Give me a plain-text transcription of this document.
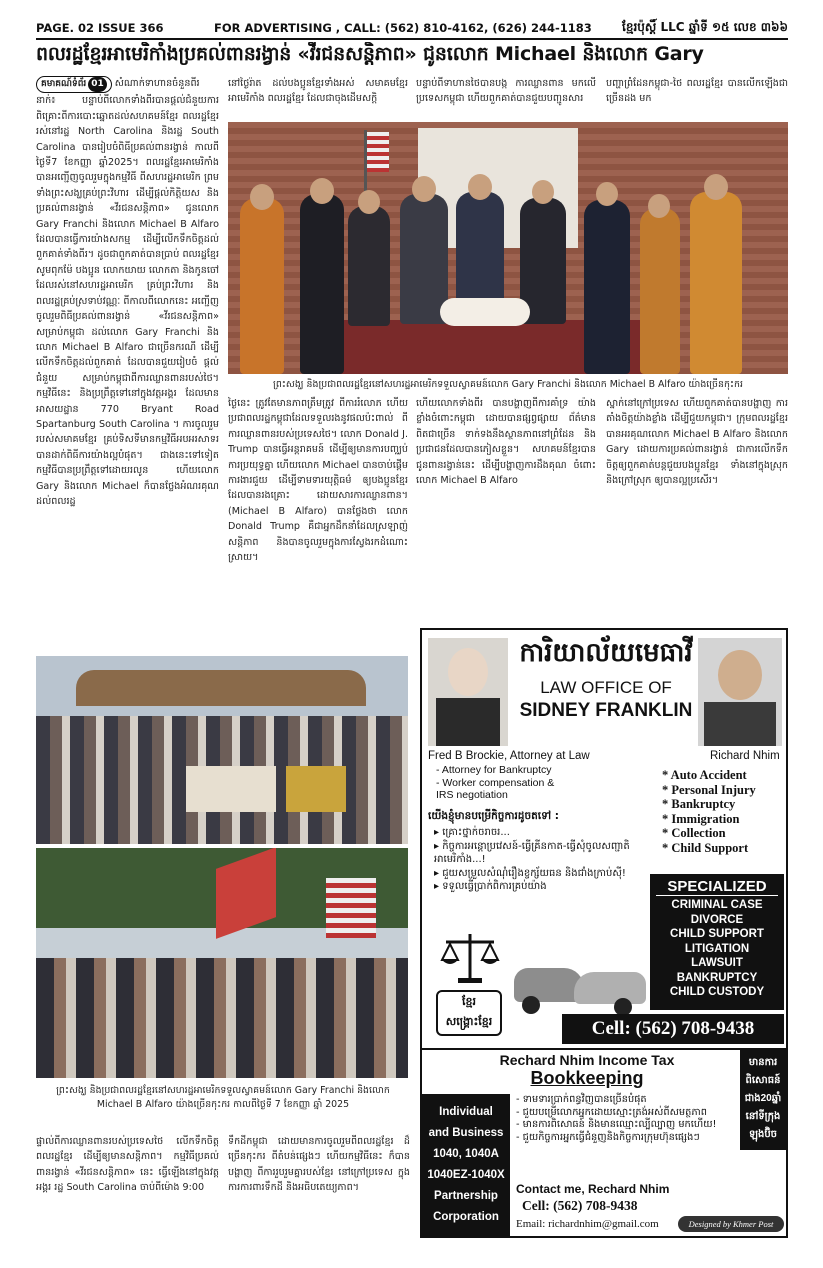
PAGE. 02 ISSUE 366	FOR ADVERTISING , CALL: (562) 810-4162, (626) 244-1183	ខ្មែរប៉ុស្ដិ៍ LLC ឆ្នាំទី ១៥ លេខ ៣៦៦
ពលរដ្ឋខ្មែរអាមេរិកាំងប្រគល់ពានរង្វាន់ «វីរជនសន្តិភាព» ជូនលោក Michael និងលោក Gary
គមាគណ៍ទំព័រ 01 សំណាក់ទាហានចំនួនពីរនាក់៖ បន្ទាប់ពីលោកទាំងពីរបានផ្ដល់ជំនួយការពិគ្រោះពីការបោះឆ្នោតដល់សហគមន៍ខ្មែរ ពលរដ្ឋខ្មែររស់នៅរដ្ឋ North Carolina និងរដ្ឋ South Carolina បានរៀបចំពិធីប្រគល់ពានរង្វាន់ កាលពីថ្ងៃទី7 ខែកញ្ញា ឆ្នាំ2025។ ពលរដ្ឋខ្មែរអាមេរិកាំង បានអញ្ជើញចូលរួមក្នុងកម្មវិធី ពីសហរដ្ឋអាមេរិក ព្រមទាំងព្រះសង្ឃគ្រប់ព្រះវិហារ ដើម្បីផ្ដល់កិត្តិយស និងប្រគល់ពានរង្វាន់ «វីរជនសន្តិភាព» ជូនលោក Gary Franchi និងលោក Michael B Alfaro ដែលបានធ្វើការយ៉ាងសកម្ម ដើម្បីលើកទឹកចិត្តដល់ពួកគាត់ទាំងពីរ។ ដូចជាពួកគាត់បានប្រាប់ ពលរដ្ឋខ្មែរ សូមពុកម៉ែ បងប្អូន លោកយាយ លោកតា និងកូនចៅ ដែលរស់នៅសហរដ្ឋអាមេរិក គ្រប់ព្រះវិហារ និងពលរដ្ឋគ្រប់ស្រទាប់វណ្ណៈ ពីកាលពីលោកនេះ អញ្ជើញចូលរួមពិធីប្រគល់ពានរង្វាន់ «វីរជនសន្តិភាព» សម្រាប់កម្ពុជា ដល់លោក Gary Franchi និងលោក Michael B Alfaro ជាច្រើនករណី ដើម្បីលើកទឹកចិត្តដល់ពួកគាត់ ដែលបានជួយរៀបចំ ផ្ដល់ជំនួយ សម្រាប់កម្ពុជាពីការឈ្លានពានរបស់ថៃ។ កម្មវិធីនេះ និងប្រព្រឹត្តទៅនៅក្នុងវត្តអង្គរ ដែលមានអាសយដ្ឋាន 770 Bryant Road Spartanburg South Carolina ។ ការចូលរួមរបស់សមាគមខ្មែរ គ្រប់ទិសទីមានកម្មវិធីអបអរសាទរ បានដាក់ពិធីការយ៉ាងល្អបំផុត។ ជាងនេះទៅទៀតកម្មវិធីបានប្រព្រឹត្តទៅដោយរលូន ហើយលោក Gary និងលោក Michael ក៏បានថ្លែងអំណរគុណដល់ពលរដ្ឋ
នៅថ្ងៃរ៉ាត ដល់បងប្អូនខ្មែរទាំងអស់ សមាគមខ្មែរអាមេរិកាំង ពលរដ្ឋខ្មែរ ដែលជាចុងដើមសក្ដិ
បន្ទាប់ពីទាហានថៃបានបង្ក ការឈ្លានពាន មកលើប្រទេសកម្ពុជា ហើយពួកគាត់បានជួយបញ្ជូនសារ
បញ្ហាព្រំដែនកម្ពុជា-ថៃ ពលរដ្ឋខ្មែរ បានលើកឡើងជាច្រើនដង មក
ព្រះសង្ឃ និងប្រជាពលរដ្ឋខ្មែរនៅសហរដ្ឋអាមេរិកទទួលស្វាគមន៍លោក Gary Franchi និងលោក Michael B Alfaro យ៉ាងច្រើនកុះករ
ថ្ងៃនេះ ត្រូវតែមានភាពត្រឹមត្រូវ ពីការរំលោភ ហើយប្រជាពលរដ្ឋកម្ពុជាដែលទទួលរងនូវផលប៉ះពាល់ ពីការឈ្លានពានរបស់ប្រទេសថៃ។ លោក Donald J. Trump បានធ្វើអន្តរាគមន៍ ដើម្បីឲ្យមានការបញ្ឈប់ការប្រយុទ្ធគ្នា ហើយលោក Michael បានចាប់ផ្ដើមការងារជួយ ដើម្បីទាមទារយុត្តិធម៌ ឲ្យបងប្អូនខ្មែរ ដែលបានរងគ្រោះ ដោយសារការឈ្លានពាន។ (Michael B Alfaro) បានថ្លែងថា លោក Donald Trump គឺជាអ្នកដឹកនាំដែលស្រឡាញ់សន្តិភាព និងបានចូលរួមក្នុងការស្វែងរកដំណោះស្រាយ។
ហើយលោកទាំងពីរ បានបង្ហាញពីការគាំទ្រ យ៉ាងខ្លាំងចំពោះកម្ពុជា ដោយបានផ្សព្វផ្សាយ ព័ត៌មានពិតជាច្រើន ទាក់ទងនឹងស្ថានភាពនៅព្រំដែន និងប្រជាជនដែលបានភៀសខ្លួន។ សហគមន៍ខ្មែរបានជូនពានរង្វាន់នេះ ដើម្បីបង្ហាញការដឹងគុណ ចំពោះលោក Michael B Alfaro
ស្នាក់នៅក្រៅប្រទេស ហើយពួកគាត់បានបង្ហាញ ការតាំងចិត្តយ៉ាងខ្លាំង ដើម្បីជួយកម្ពុជា។ ក្រុមពលរដ្ឋខ្មែរបានអរគុណលោក Michael B Alfaro និងលោក Gary ដោយការប្រគល់ពានរង្វាន់ ជាការលើកទឹកចិត្តឲ្យពួកគាត់បន្តជួយបងប្អូនខ្មែរ ទាំងនៅក្នុងស្រុក និងក្រៅស្រុក ឲ្យបានល្អប្រសើរ។
ព្រះសង្ឃ និងប្រជាពលរដ្ឋខ្មែរនៅសហរដ្ឋអាមេរិកទទួលស្វាគមន៍លោក Gary Franchi និងលោក Michael B Alfaro យ៉ាងច្រើនកុះករ កាលពីថ្ងៃទី 7 ខែកញ្ញា ឆ្នាំ 2025
ផ្ទាល់ពីការឈ្លានពានរបស់ប្រទេសថៃ លើកទឹកចិត្តពលរដ្ឋខ្មែរ ដើម្បីឲ្យមានសន្តិភាព។ កម្មវិធីប្រគល់ពានរង្វាន់ «វីរជនសន្តិភាព» នេះ ធ្វើឡើងនៅក្នុងវត្តអង្គរ រដ្ឋ South Carolina ចាប់ពីម៉ោង 9:00
ទឹកដីកម្ពុជា ដោយមានការចូលរួមពីពលរដ្ឋខ្មែរ ដ៏ច្រើនកុះករ ពីតំបន់ផ្សេងៗ ហើយកម្មវិធីនេះ ក៏បានបង្ហាញ ពីការរួបរួមគ្នារបស់ខ្មែរ នៅក្រៅប្រទេស ក្នុងការការពារទឹកដី និងអធិបតេយ្យភាព។
ការិយាល័យមេធាវី
LAW OFFICE OF
SIDNEY FRANKLIN
Fred B Brockie, Attorney at Law
- Attorney for Bankruptcy
- Worker compensation &
IRS negotiation
Richard Nhim
* Auto Accident
* Personal Injury
* Bankruptcy
* Immigration
* Collection
* Child Support
យើងខ្ញុំមានបម្រើកិច្ចការដូចតទៅ :
▸ គ្រោះថ្នាក់ចរាចរ...
▸ កិច្ចការអន្តោប្រវេសន៍-ធ្វើគ្រីនកាត-ធ្វើសុំចូលសញ្ជាតិអាមេរិកាំង...!
▸ ជួយសម្រួលសំណុំរឿងខ្ចក្ស័យធន និងជាំងក្រាប់ស៊ី!
▸ ទទួលធ្វើប្រាក់ពិការគ្រប់យ៉ាង
ខ្មែរ
សង្គ្រោះខ្មែរ
SPECIALIZED
CRIMINAL CASE
DIVORCE
CHILD SUPPORT
LITIGATION
LAWSUIT
BANKRUPTCY
CHILD CUSTODY
Cell: (562) 708-9438
Rechard Nhim Income Tax
Bookkeeping
Individual
and Business
1040, 1040A
1040EZ-1040X
Partnership
Corporation
- ទាមទារប្រាក់ពន្ធវិញបានច្រើនបំផុត
- ជួយបម្រើលោកអ្នកដោយស្មោះត្រង់អស់ពីសមត្ថភាព
- មានការពិសោធន៍ និងមានឈ្មោះល្បីល្បាញ មកហើយ!
- ជួយកិច្ចការអ្នកធ្វើជំនួញនិងកិច្ចការក្រុមហ៊ុនផ្សេងៗ
មានការ
ពិសោធន៍
ជាង20ឆ្នាំ
នៅទីក្រុង
ឡុងប៊ិច
Contact me, Rechard Nhim
Cell: (562) 708-9438
Email: richardnhim@gmail.com	Designed by Khmer Post
